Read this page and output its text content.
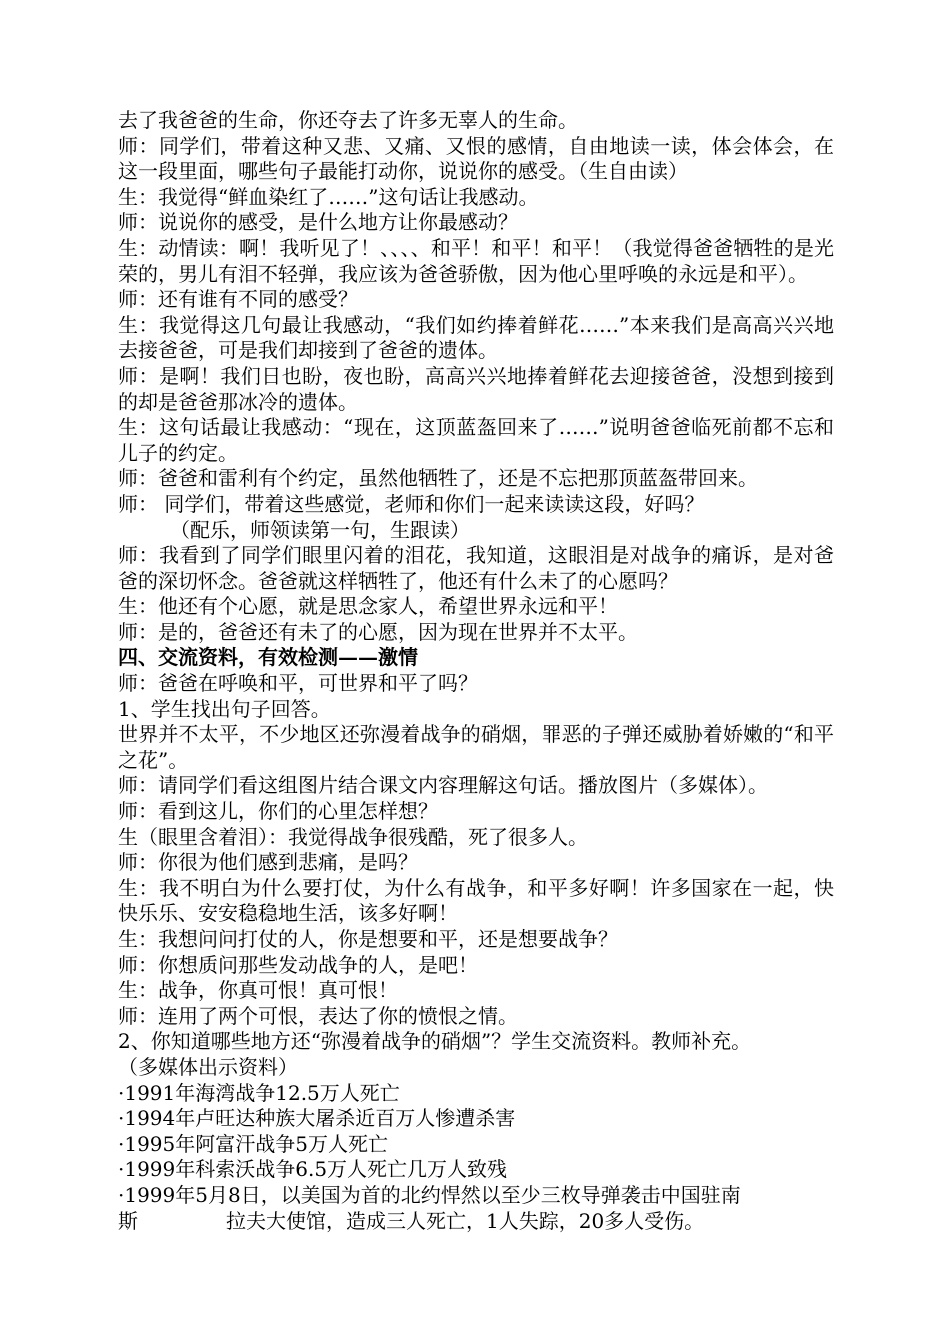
去了我爸爸的生命，你还夺去了许多无辜人的生命。

师：同学们，带着这种又悲、又痛、又恨的感情，自由地读一读，体会体会，在这一段里面，哪些句子最能打动你，说说你的感受。（生自由读）

生：我觉得“鲜血染红了……”这句话让我感动。

师：说说你的感受，是什么地方让你最感动？

生：动情读：啊！我听见了！、、、、和平！和平！和平！（我觉得爸爸牺牲的是光荣的，男儿有泪不轻弹，我应该为爸爸骄傲，因为他心里呼唤的永远是和平）。

师：还有谁有不同的感受？

生：我觉得这几句最让我感动，“我们如约捧着鲜花……”本来我们是高高兴兴地去接爸爸，可是我们却接到了爸爸的遗体。

师：是啊！我们日也盼，夜也盼，高高兴兴地捧着鲜花去迎接爸爸，没想到接到的却是爸爸那冰冷的遗体。

生：这句话最让我感动：“现在，这顶蓝盔回来了……”说明爸爸临死前都不忘和儿子的约定。

师：爸爸和雷利有个约定，虽然他牺牲了，还是不忘把那顶蓝盔带回来。

师： 同学们，带着这些感觉，老师和你们一起来读读这段，好吗？

（配乐，师领读第一句，生跟读）

师：我看到了同学们眼里闪着的泪花，我知道，这眼泪是对战争的痛诉，是对爸爸的深切怀念。爸爸就这样牺牲了，他还有什么未了的心愿吗？

生：他还有个心愿，就是思念家人，希望世界永远和平！

师：是的，爸爸还有未了的心愿，因为现在世界并不太平。

四、交流资料，有效检测——激情

师：爸爸在呼唤和平，可世界和平了吗？

1、学生找出句子回答。

世界并不太平，不少地区还弥漫着战争的硝烟，罪恶的子弹还威胁着娇嫩的“和平之花”。

师：请同学们看这组图片结合课文内容理解这句话。播放图片（多媒体）。

师：看到这儿，你们的心里怎样想？

生（眼里含着泪）：我觉得战争很残酷，死了很多人。

师：你很为他们感到悲痛，是吗？

生：我不明白为什么要打仗，为什么有战争，和平多好啊！许多国家在一起，快快乐乐、安安稳稳地生活，该多好啊！

生：我想问问打仗的人，你是想要和平，还是想要战争？

师：你想质问那些发动战争的人，是吧！

生：战争，你真可恨！真可恨！

师：连用了两个可恨，表达了你的愤恨之情。

2、你知道哪些地方还“弥漫着战争的硝烟”？学生交流资料。教师补充。

（多媒体出示资料）

·1991年海湾战争12.5万人死亡

·1994年卢旺达种族大屠杀近百万人惨遭杀害

·1995年阿富汗战争5万人死亡

·1999年科索沃战争6.5万人死亡几万人致残

·1999年5月8日，以美国为首的北约悍然以至少三枚导弹袭击中国驻南

斯	拉夫大使馆，造成三人死亡，1人失踪，20多人受伤。
